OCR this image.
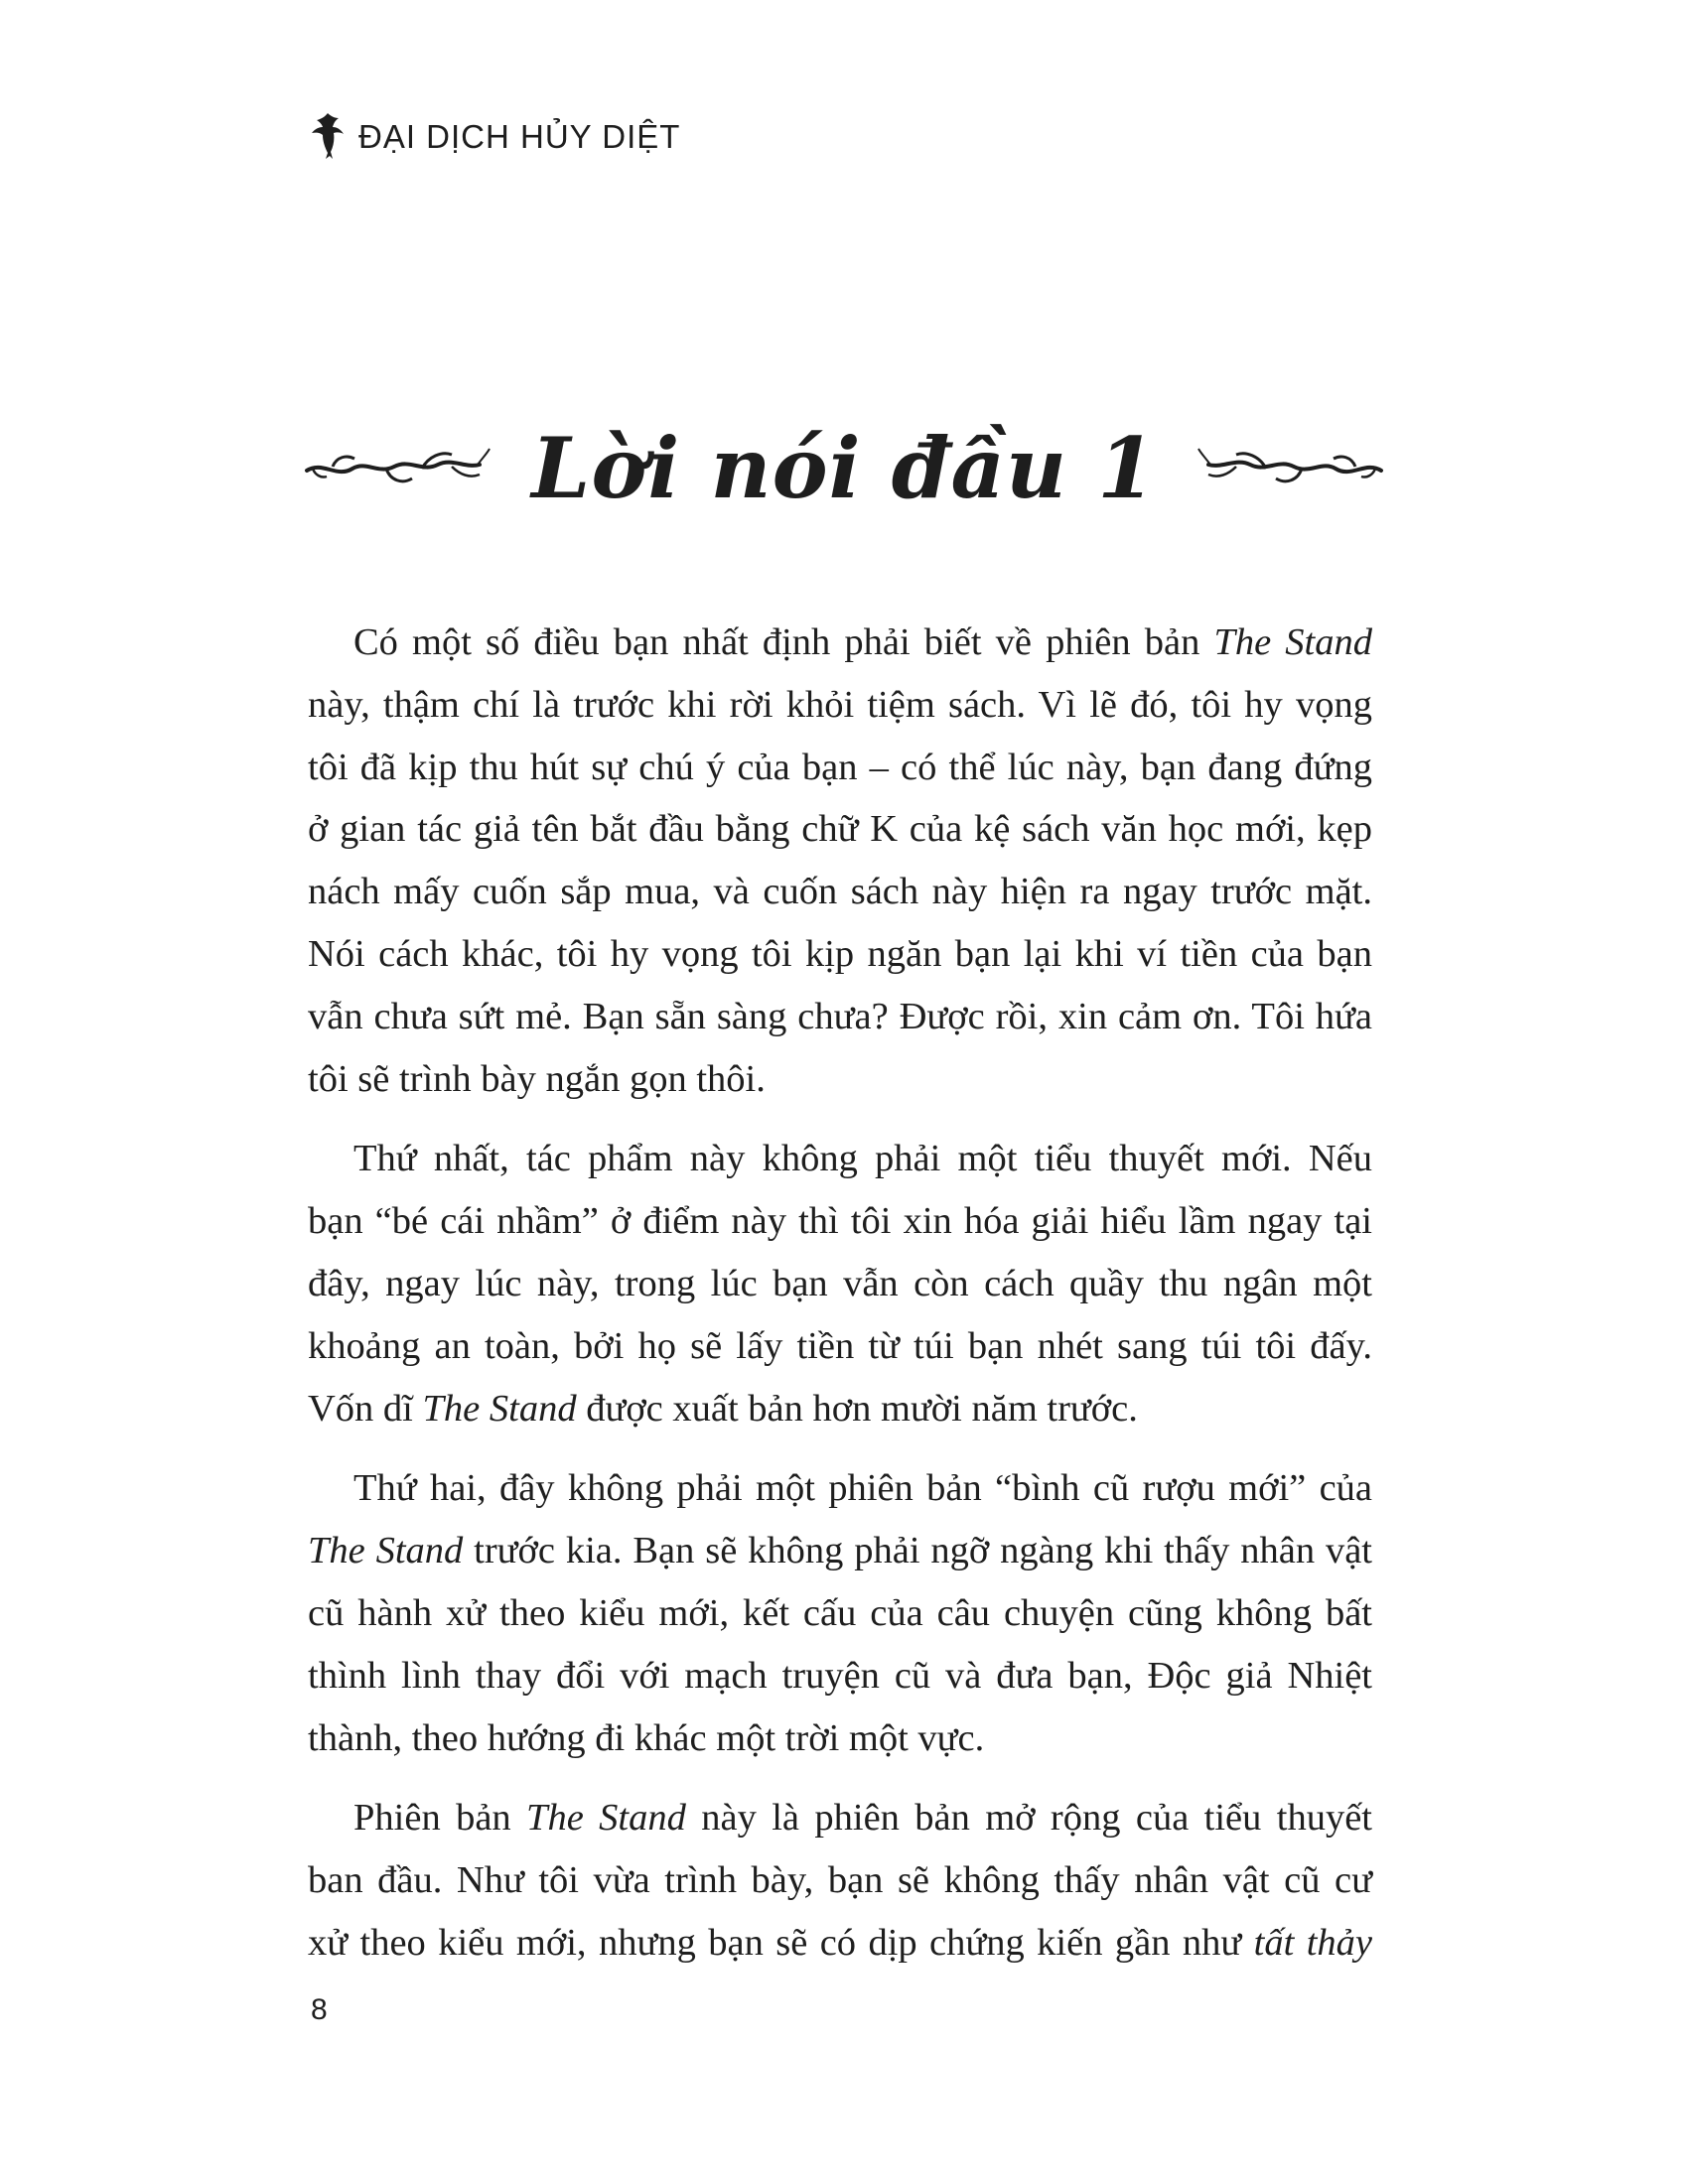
ĐẠI DỊCH HỦY DIỆT
Lời nói đầu 1
Có một số điều bạn nhất định phải biết về phiên bản The Stand
này, thậm chí là trước khi rời khỏi tiệm sách. Vì lẽ đó, tôi hy vọng
tôi đã kịp thu hút sự chú ý của bạn – có thể lúc này, bạn đang đứng
ở gian tác giả tên bắt đầu bằng chữ K của kệ sách văn học mới, kẹp
nách mấy cuốn sắp mua, và cuốn sách này hiện ra ngay trước mặt.
Nói cách khác, tôi hy vọng tôi kịp ngăn bạn lại khi ví tiền của bạn
vẫn chưa sứt mẻ. Bạn sẵn sàng chưa? Được rồi, xin cảm ơn. Tôi hứa
tôi sẽ trình bày ngắn gọn thôi.
Thứ nhất, tác phẩm này không phải một tiểu thuyết mới. Nếu
bạn “bé cái nhầm” ở điểm này thì tôi xin hóa giải hiểu lầm ngay tại
đây, ngay lúc này, trong lúc bạn vẫn còn cách quầy thu ngân một
khoảng an toàn, bởi họ sẽ lấy tiền từ túi bạn nhét sang túi tôi đấy.
Vốn dĩ The Stand được xuất bản hơn mười năm trước.
Thứ hai, đây không phải một phiên bản “bình cũ rượu mới” của
The Stand trước kia. Bạn sẽ không phải ngỡ ngàng khi thấy nhân vật
cũ hành xử theo kiểu mới, kết cấu của câu chuyện cũng không bất
thình lình thay đổi với mạch truyện cũ và đưa bạn, Độc giả Nhiệt
thành, theo hướng đi khác một trời một vực.
Phiên bản The Stand này là phiên bản mở rộng của tiểu thuyết
ban đầu. Như tôi vừa trình bày, bạn sẽ không thấy nhân vật cũ cư
xử theo kiểu mới, nhưng bạn sẽ có dịp chứng kiến gần như tất thảy
8
